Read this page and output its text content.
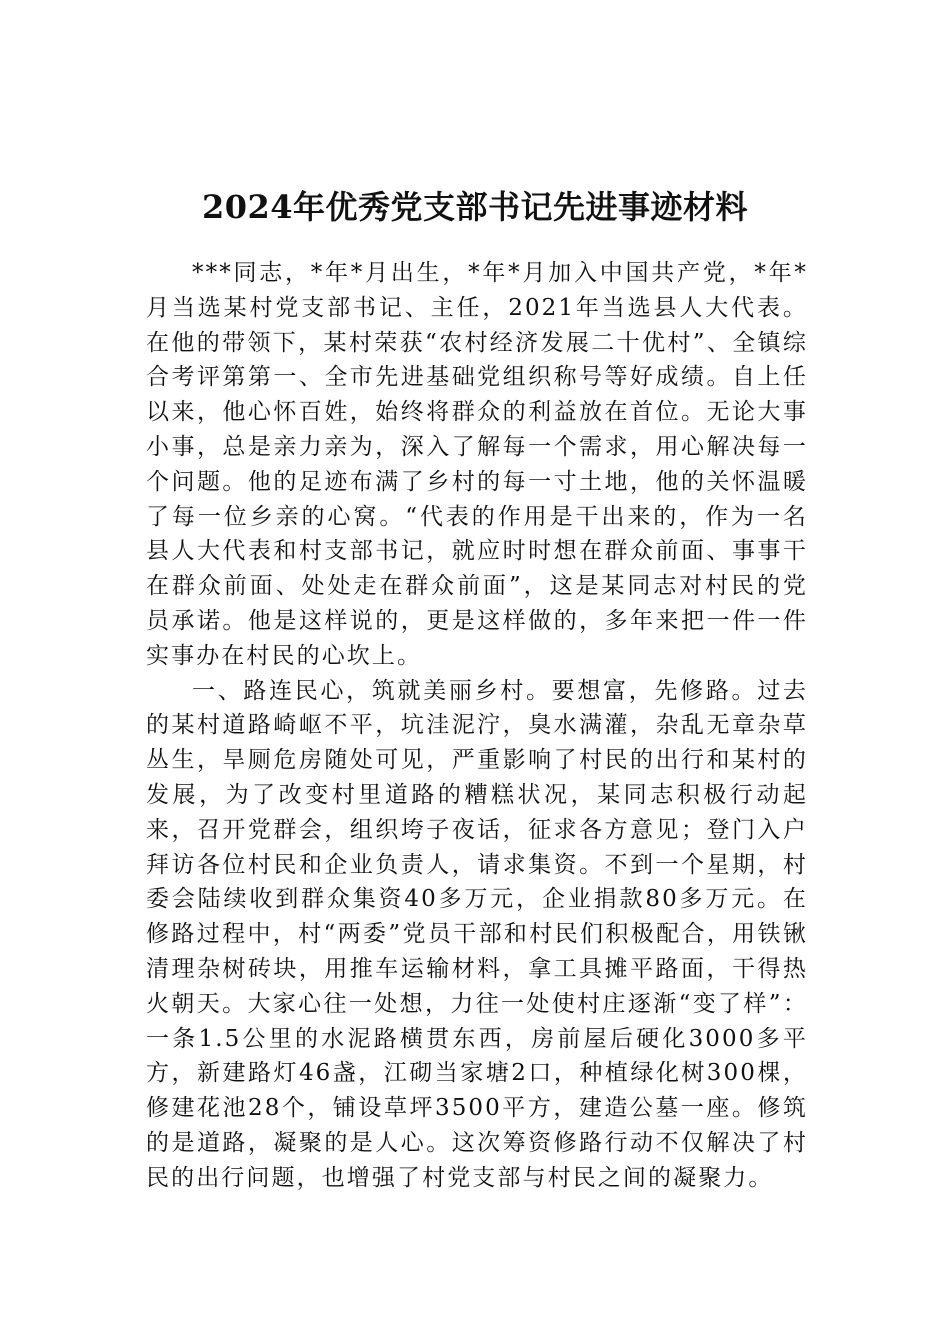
2024年优秀党支部书记先进事迹材料

***同志，*年*月出生，*年*月加入中国共产党，*年*月当选某村党支部书记、主任，2021年当选县人大代表。在他的带领下，某村荣获“农村经济发展二十优村”、全镇综合考评第第一、全市先进基础党组织称号等好成绩。自上任以来，他心怀百姓，始终将群众的利益放在首位。无论大事小事，总是亲力亲为，深入了解每一个需求，用心解决每一个问题。他的足迹布满了乡村的每一寸土地，他的关怀温暖了每一位乡亲的心窝。“代表的作用是干出来的，作为一名县人大代表和村支部书记，就应时时想在群众前面、事事干在群众前面、处处走在群众前面”，这是某同志对村民的党员承诺。他是这样说的，更是这样做的，多年来把一件一件实事办在村民的心坎上。

一、路连民心，筑就美丽乡村。要想富，先修路。过去的某村道路崎岖不平，坑洼泥泞，臭水满灌，杂乱无章杂草丛生，旱厕危房随处可见，严重影响了村民的出行和某村的发展，为了改变村里道路的糟糕状况，某同志积极行动起来，召开党群会，组织垮子夜话，征求各方意见；登门入户拜访各位村民和企业负责人，请求集资。不到一个星期，村委会陆续收到群众集资40多万元，企业捐款80多万元。在修路过程中，村“两委”党员干部和村民们积极配合，用铁锹清理杂树砖块，用推车运输材料，拿工具摊平路面，干得热火朝天。大家心往一处想，力往一处使村庄逐渐“变了样”：一条1.5公里的水泥路横贯东西，房前屋后硬化3000多平方，新建路灯46盏，江砌当家塘2口，种植绿化树300棵，修建花池28个，铺设草坪3500平方，建造公墓一座。修筑的是道路，凝聚的是人心。这次筹资修路行动不仅解决了村民的出行问题，也增强了村党支部与村民之间的凝聚力。
